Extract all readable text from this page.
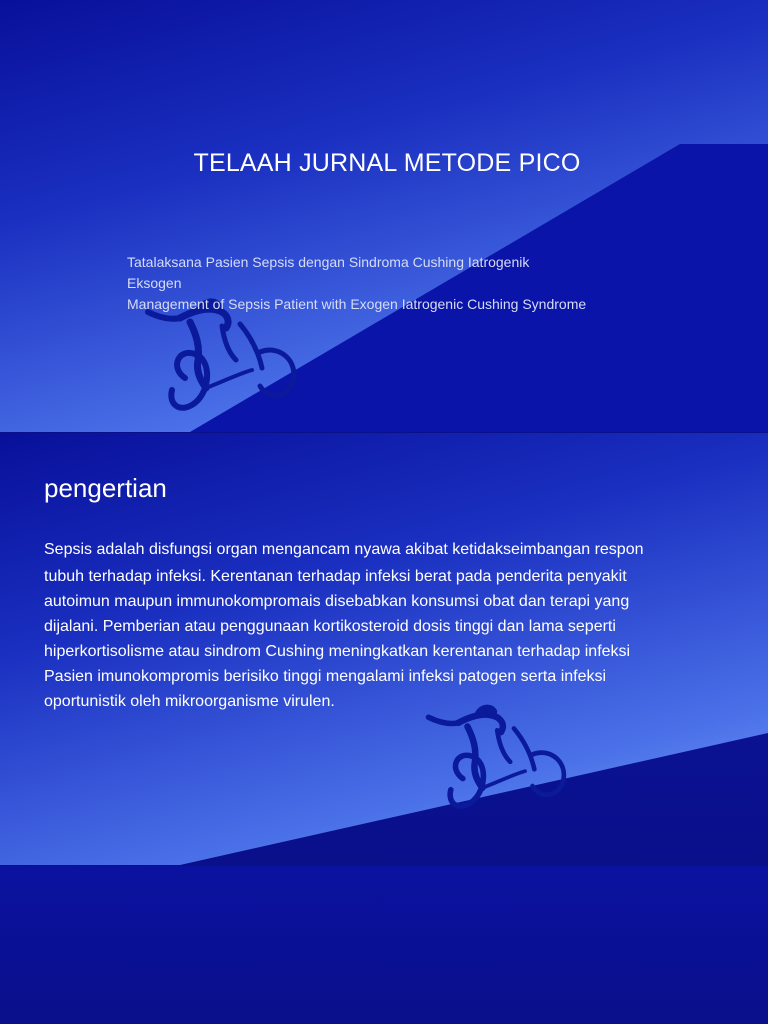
TELAAH JURNAL METODE PICO
Tatalaksana Pasien Sepsis dengan Sindroma Cushing Iatrogenik
Eksogen
Management of Sepsis Patient with Exogen Iatrogenic Cushing Syndrome
pengertian

Sepsis adalah disfungsi organ mengancam nyawa akibat ketidakseimbangan respon

tubuh terhadap infeksi. Kerentanan terhadap infeksi berat pada penderita penyakit

autoimun maupun immunokompromais disebabkan konsumsi obat dan terapi yang

dijalani. Pemberian atau penggunaan kortikosteroid dosis tinggi dan lama seperti

hiperkortisolisme atau sindrom Cushing meningkatkan kerentanan terhadap infeksi

Pasien imunokompromis berisiko tinggi mengalami infeksi patogen serta infeksi

oportunistik oleh mikroorganisme virulen.
